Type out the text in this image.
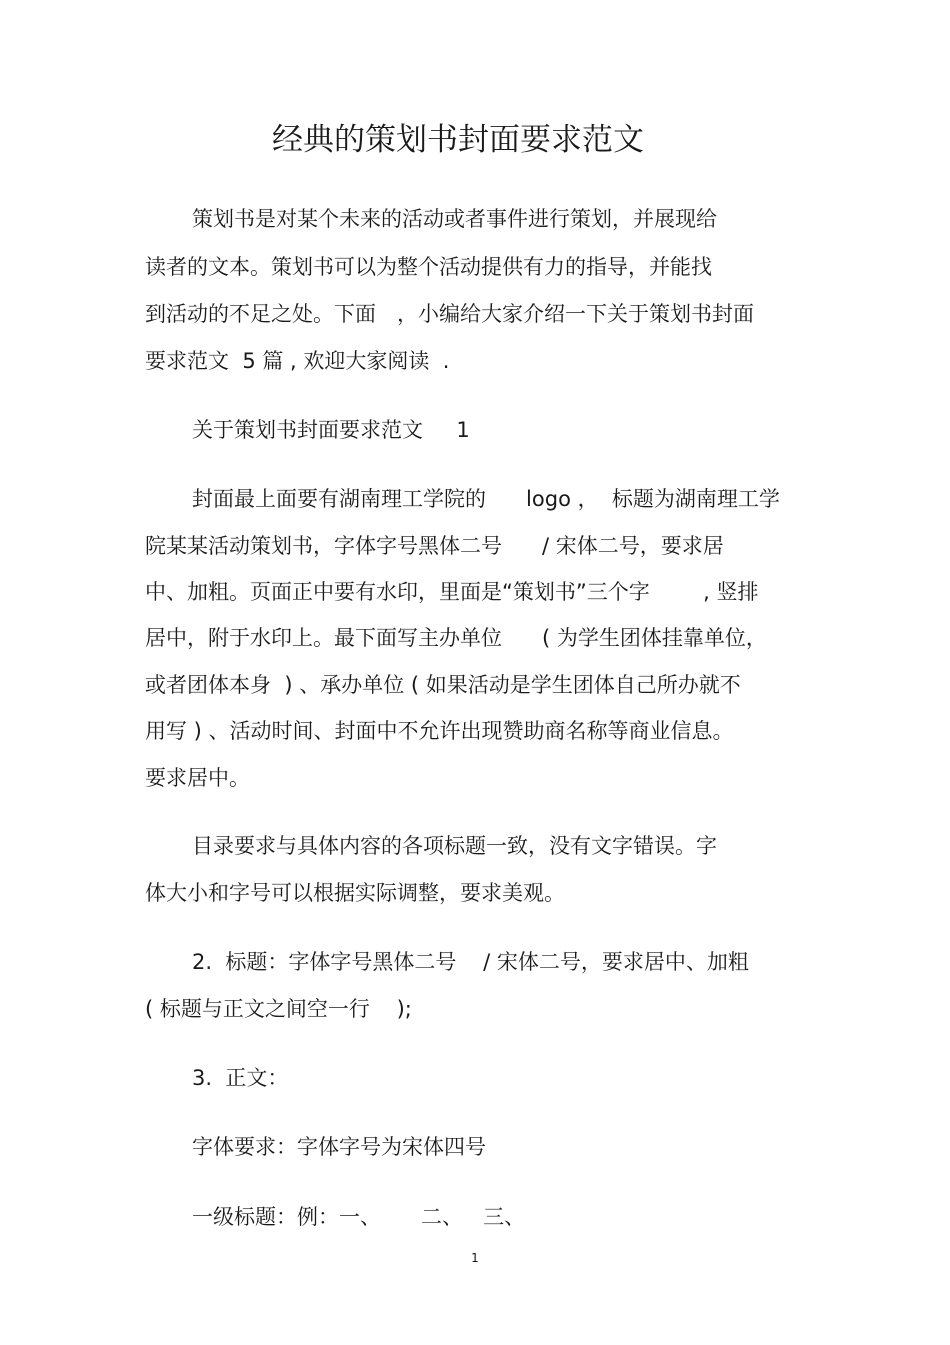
经典的策划书封面要求范文
策划书是对某个未来的活动或者事件进行策划，并展现给
读者的文本。策划书可以为整个活动提供有力的指导，并能找
到活动的不足之处。下面　，小编给大家介绍一下关于策划书封面
要求范文  5 篇 , 欢迎大家阅读  .
关于策划书封面要求范文     1
封面最上面要有湖南理工学院的      logo ，  标题为湖南理工学
院某某活动策划书，字体字号黑体二号      / 宋体二号，要求居
中、加粗。页面正中要有水印，里面是“策划书”三个字        , 竖排
居中，附于水印上。最下面写主办单位      ( 为学生团体挂靠单位，
或者团体本身  ) 、承办单位 ( 如果活动是学生团体自己所办就不
用写 ) 、活动时间、封面中不允许出现赞助商名称等商业信息。
要求居中。
目录要求与具体内容的各项标题一致，没有文字错误。字
体大小和字号可以根据实际调整，要求美观。
2.  标题：字体字号黑体二号    / 宋体二号，要求居中、加粗
( 标题与正文之间空一行    );
3.  正文：
字体要求：字体字号为宋体四号
一级标题：例：一、      二、   三、
1
